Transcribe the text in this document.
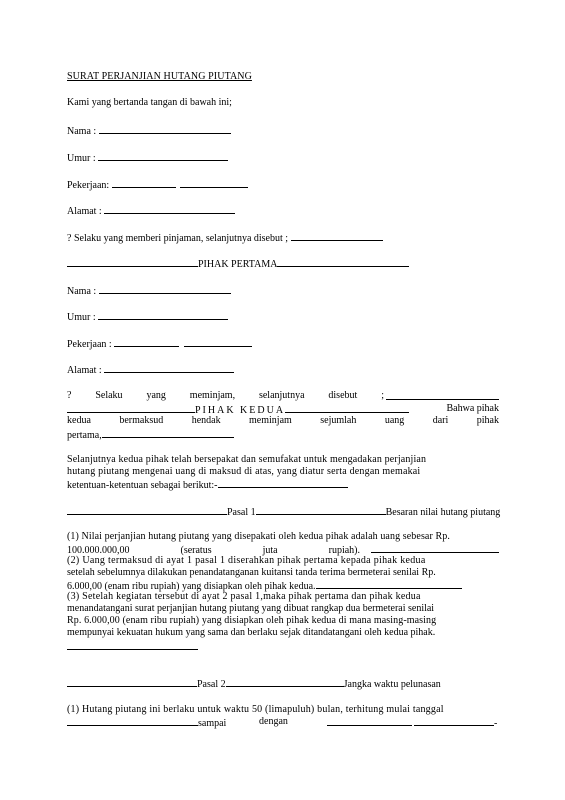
SURAT PERJANJIAN HUTANG PIUTANG
Kami yang bertanda tangan di bawah ini;
Nama :
Umur :
Pekerjaan:
Alamat :
? Selaku yang memberi pinjaman, selanjutnya disebut ;
PIHAK PERTAMA
Nama :
Umur :
Pekerjaan :
Alamat :
? Selaku yang meminjam, selanjutnya disebut ;
PIHAK KEDUA	Bahwa pihak
kedua	bermaksud	hendak	meminjam	sejumlah	uang	dari	pihak
pertama,
Selanjutnya kedua pihak telah bersepakat dan semufakat untuk mengadakan perjanjian
hutang piutang mengenai uang di maksud di atas, yang diatur serta dengan memakai
ketentuan-ketentuan sebagai berikut:-
Pasal 1	Besaran nilai hutang piutang
(1) Nilai perjanjian hutang piutang yang disepakati oleh kedua pihak adalah uang sebesar Rp.
100.000.000,00	(seratus	juta	rupiah).

(2) Uang termaksud di ayat 1 pasal 1 diserahkan pihak pertama kepada pihak kedua
setelah sebelumnya dilakukan penandatanganan kuitansi tanda terima bermeterai senilai Rp.
6.000,00 (enam ribu rupiah) yang disiapkan oleh pihak kedua.
(3) Setelah kegiatan tersebut di ayat 2 pasal 1,maka pihak pertama dan pihak kedua
menandatangani surat perjanjian hutang piutang yang dibuat rangkap dua bermeterai senilai
Rp. 6.000,00 (enam ribu rupiah) yang disiapkan oleh pihak kedua di mana masing-masing
mempunyai kekuatan hukum yang sama dan berlaku sejak ditandatangani oleh kedua pihak.
Pasal 2	Jangka waktu pelunasan
(1) Hutang piutang ini berlaku untuk waktu 50 (limapuluh) bulan, terhitung mulai tanggal
sampai	dengan	-
